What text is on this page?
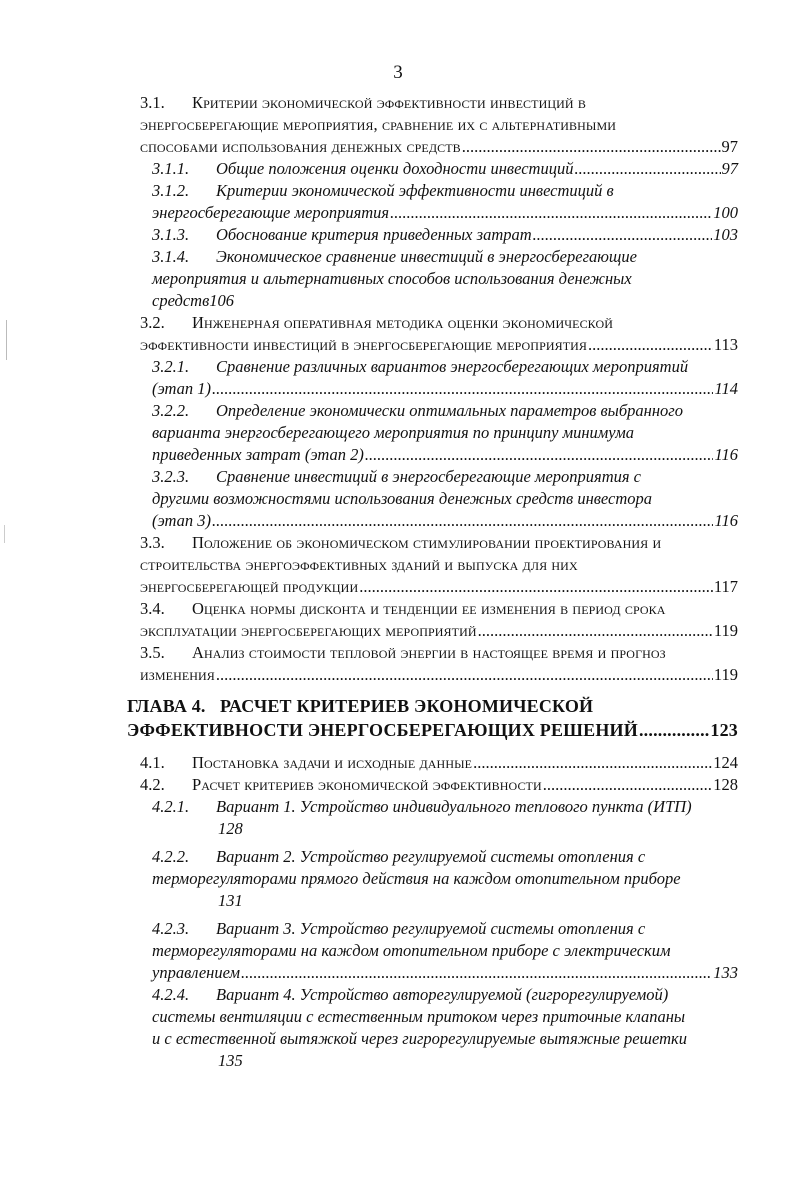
3
3.1. Критерии экономической эффективности инвестиций в
энергосберегающие мероприятия, сравнение их с альтернативными
способами использования денежных средств .....	97
3.1.1. Общие положения оценки доходности инвестиций .....	97
3.1.2. Критерии экономической эффективности инвестиций в
энергосберегающие мероприятия .....	100
3.1.3. Обоснование критерия приведенных затрат .....	103
3.1.4. Экономическое сравнение инвестиций в энергосберегающие
мероприятия и альтернативных способов использования денежных
средств106
3.2. Инженерная оперативная методика оценки экономической
эффективности инвестиций в энергосберегающие мероприятия .....	113
3.2.1. Сравнение различных вариантов энергосберегающих мероприятий
(этап 1) .....	114
3.2.2. Определение экономически оптимальных параметров выбранного
варианта энергосберегающего мероприятия по принципу минимума
приведенных затрат (этап 2) .....	116
3.2.3. Сравнение инвестиций в энергосберегающие мероприятия с
другими возможностями использования денежных средств инвестора
(этап 3) .....	116
3.3. Положение об экономическом стимулировании проектирования и
строительства энергоэффективных зданий и выпуска для них
энергосберегающей продукции .....	117
3.4. Оценка нормы дисконта и тенденции ее изменения в период срока
эксплуатации энергосберегающих мероприятий .....	119
3.5. Анализ стоимости тепловой энергии в настоящее время и прогноз
изменения .....	119
ГЛАВА 4. РАСЧЕТ КРИТЕРИЕВ ЭКОНОМИЧЕСКОЙ
ЭФФЕКТИВНОСТИ ЭНЕРГОСБЕРЕГАЮЩИХ РЕШЕНИЙ .....	123
4.1. Постановка задачи и исходные данные .....	124
4.2. Расчет критериев экономической эффективности .....	128
4.2.1. Вариант 1. Устройство индивидуального теплового пункта (ИТП)
128
4.2.2. Вариант 2. Устройство регулируемой системы отопления с
терморегуляторами прямого действия на каждом отопительном приборе
131
4.2.3. Вариант 3. Устройство регулируемой системы отопления с
терморегуляторами на каждом отопительном приборе с электрическим
управлением .....	133
4.2.4. Вариант 4. Устройство авторегулируемой (гигрорегулируемой)
системы вентиляции с естественным притоком через приточные клапаны
и с естественной вытяжкой через гигрорегулируемые вытяжные решетки
135
